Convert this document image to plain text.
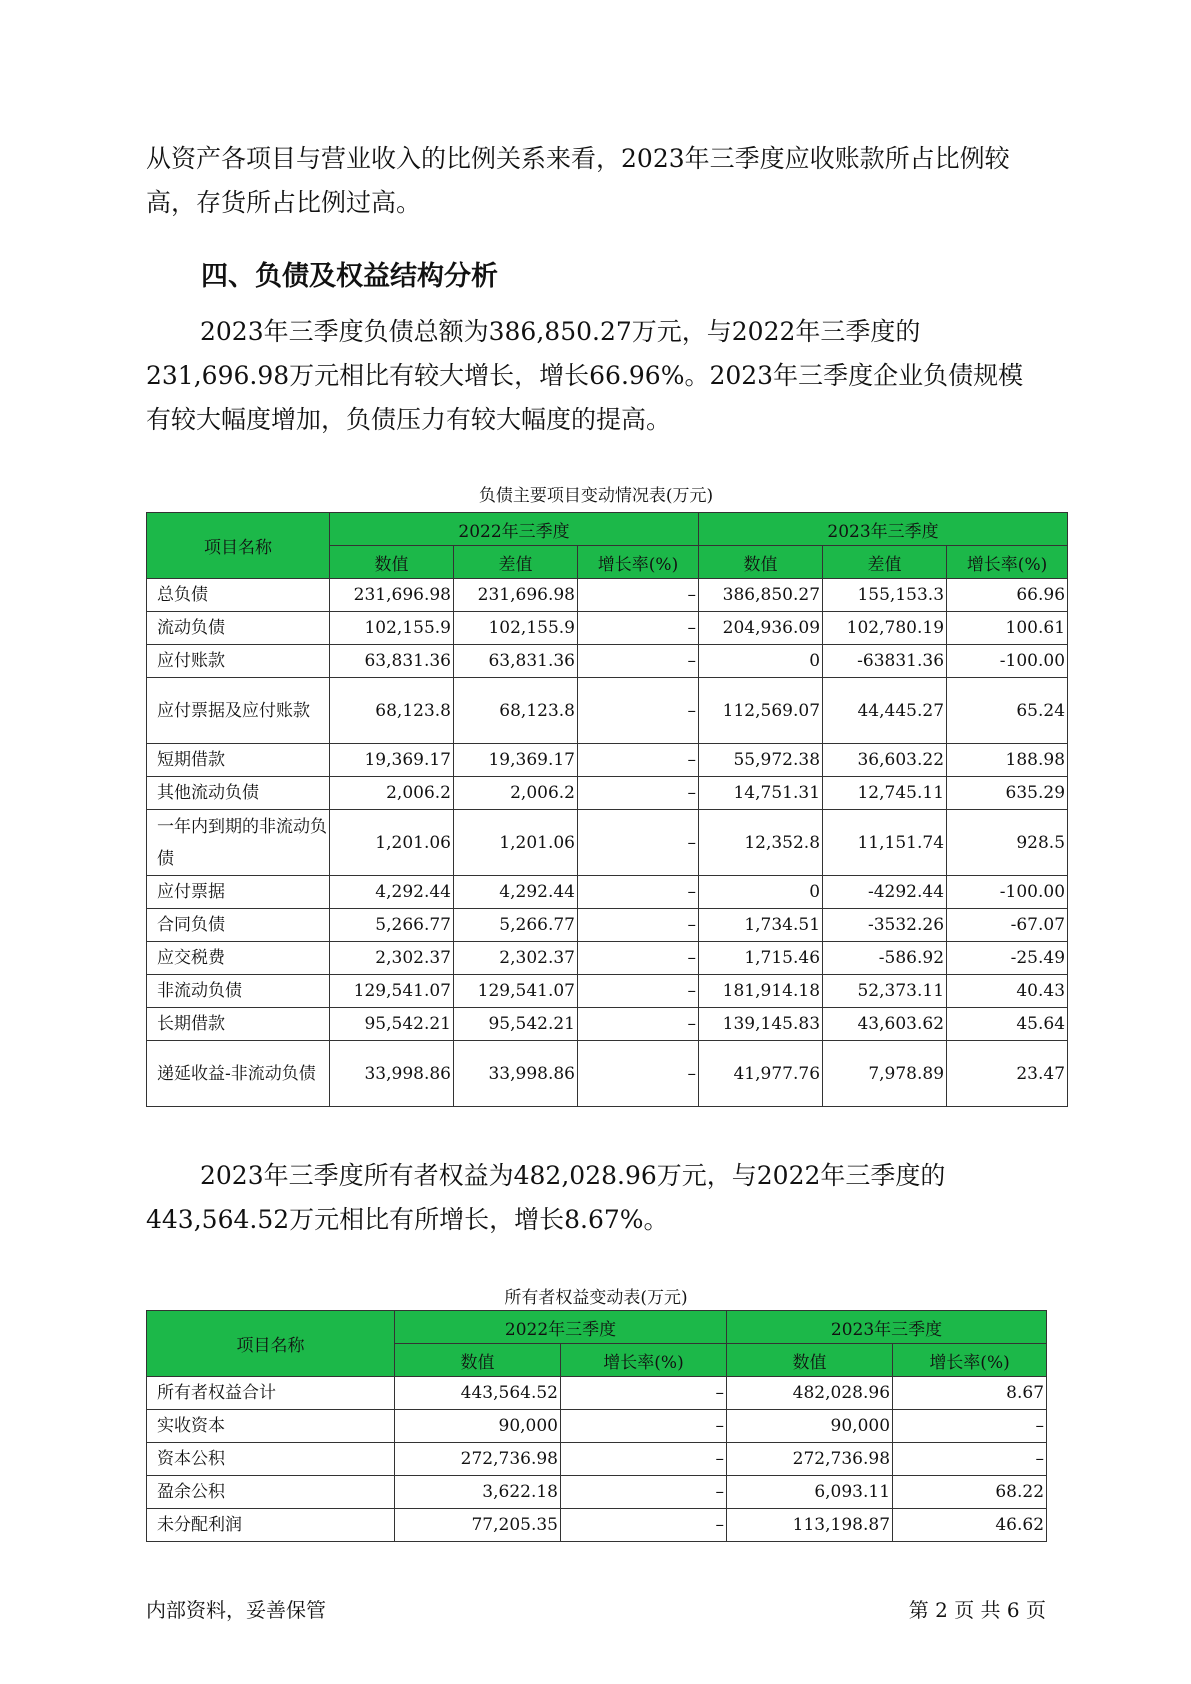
从资产各项目与营业收入的比例关系来看，2023年三季度应收账款所占比例较高，存货所占比例过高。

四、负债及权益结构分析

2023年三季度负债总额为386,850.27万元，与2022年三季度的231,696.98万元相比有较大增长，增长66.96%。2023年三季度企业负债规模有较大幅度增加，负债压力有较大幅度的提高。

负债主要项目变动情况表(万元)
项目名称	2022年三季度			2023年三季度		
	数值	差值	增长率(%)	数值	差值	增长率(%)
总负债	231,696.98	231,696.98	–	386,850.27	155,153.3	66.96
流动负债	102,155.9	102,155.9	–	204,936.09	102,780.19	100.61
应付账款	63,831.36	63,831.36	–	0	-63831.36	-100.00
应付票据及应付账款	68,123.8	68,123.8	–	112,569.07	44,445.27	65.24
短期借款	19,369.17	19,369.17	–	55,972.38	36,603.22	188.98
其他流动负债	2,006.2	2,006.2	–	14,751.31	12,745.11	635.29
一年内到期的非流动负债	1,201.06	1,201.06	–	12,352.8	11,151.74	928.5
应付票据	4,292.44	4,292.44	–	0	-4292.44	-100.00
合同负债	5,266.77	5,266.77	–	1,734.51	-3532.26	-67.07
应交税费	2,302.37	2,302.37	–	1,715.46	-586.92	-25.49
非流动负债	129,541.07	129,541.07	–	181,914.18	52,373.11	40.43
长期借款	95,542.21	95,542.21	–	139,145.83	43,603.62	45.64
递延收益-非流动负债	33,998.86	33,998.86	–	41,977.76	7,978.89	23.47

2023年三季度所有者权益为482,028.96万元，与2022年三季度的443,564.52万元相比有所增长，增长8.67%。

所有者权益变动表(万元)
项目名称	2022年三季度		2023年三季度	
	数值	增长率(%)	数值	增长率(%)
所有者权益合计	443,564.52	–	482,028.96	8.67
实收资本	90,000	–	90,000	–
资本公积	272,736.98	–	272,736.98	–
盈余公积	3,622.18	–	6,093.11	68.22
未分配利润	77,205.35	–	113,198.87	46.62
内部资料，妥善保管	第 2 页 共 6 页
